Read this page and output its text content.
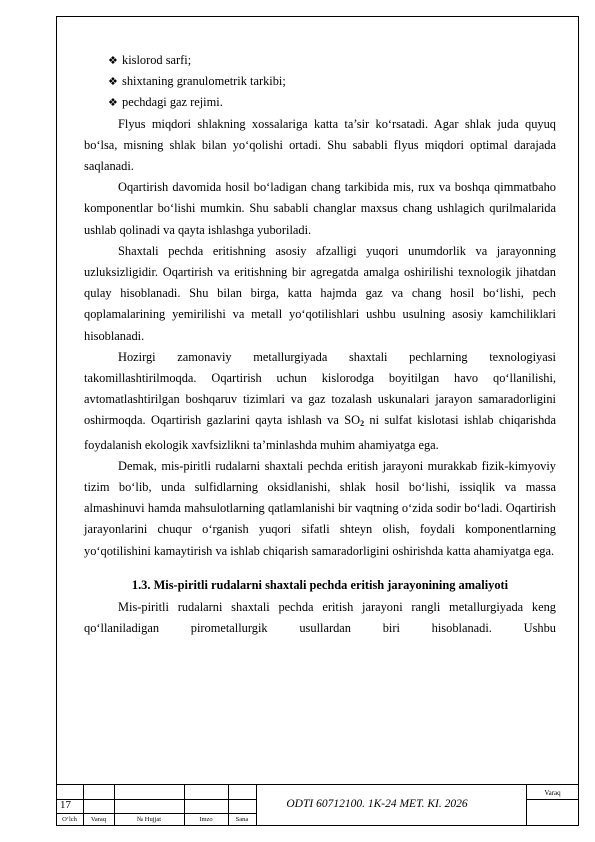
❖ kislorod sarfi;
❖ shixtaning granulometrik tarkibi;
❖ pechdagi gaz rejimi.

Flyus miqdori shlakning xossalariga katta ta’sir ko‘rsatadi. Agar shlak juda quyuq bo‘lsa, misning shlak bilan yo‘qolishi ortadi. Shu sababli flyus miqdori optimal darajada saqlanadi.

Oqartirish davomida hosil bo‘ladigan chang tarkibida mis, rux va boshqa qimmatbaho komponentlar bo‘lishi mumkin. Shu sababli changlar maxsus chang ushlagich qurilmalarida ushlab qolinadi va qayta ishlashga yuboriladi.

Shaxtali pechda eritishning asosiy afzalligi yuqori unumdorlik va jarayonning uzluksizligidir. Oqartirish va eritishning bir agregatda amalga oshirilishi texnologik jihatdan qulay hisoblanadi. Shu bilan birga, katta hajmda gaz va chang hosil bo‘lishi, pech qoplamalarining yemirilishi va metall yo‘qotilishlari ushbu usulning asosiy kamchiliklari hisoblanadi.

Hozirgi zamonaviy metallurgiyada shaxtali pechlarning texnologiyasi takomillashtirilmoqda. Oqartirish uchun kislorodga boyitilgan havo qo‘llanilishi, avtomatlashtirilgan boshqaruv tizimlari va gaz tozalash uskunalari jarayon samaradorligini oshirmoqda. Oqartirish gazlarini qayta ishlash va $SO_2$ ni sulfat kislotasi ishlab chiqarishda foydalanish ekologik xavfsizlikni ta’minlashda muhim ahamiyatga ega.

Demak, mis-piritli rudalarni shaxtali pechda eritish jarayoni murakkab fizik-kimyoviy tizim bo‘lib, unda sulfidlarning oksidlanishi, shlak hosil bo‘lishi, issiqlik va massa almashinuvi hamda mahsulotlarning qatlamlanishi bir vaqtning o‘zida sodir bo‘ladi. Oqartirish jarayonlarini chuqur o‘rganish yuqori sifatli shteyn olish, foydali komponentlarning yo‘qotilishini kamaytirish va ishlab chiqarish samaradorligini oshirishda katta ahamiyatga ega.

1.3. Mis-piritli rudalarni shaxtali pechda eritish jarayonining amaliyoti

Mis-piritli rudalarni shaxtali pechda eritish jarayoni rangli metallurgiyada keng qo‘llaniladigan pirometallurgik usullardan biri hisoblanadi. Ushbu

17	ODTI 60712100. 1K-24 MET. KI. 2026
Varaq
O‘lch	Varaq	№ Hujjat	Imzo	Sana
